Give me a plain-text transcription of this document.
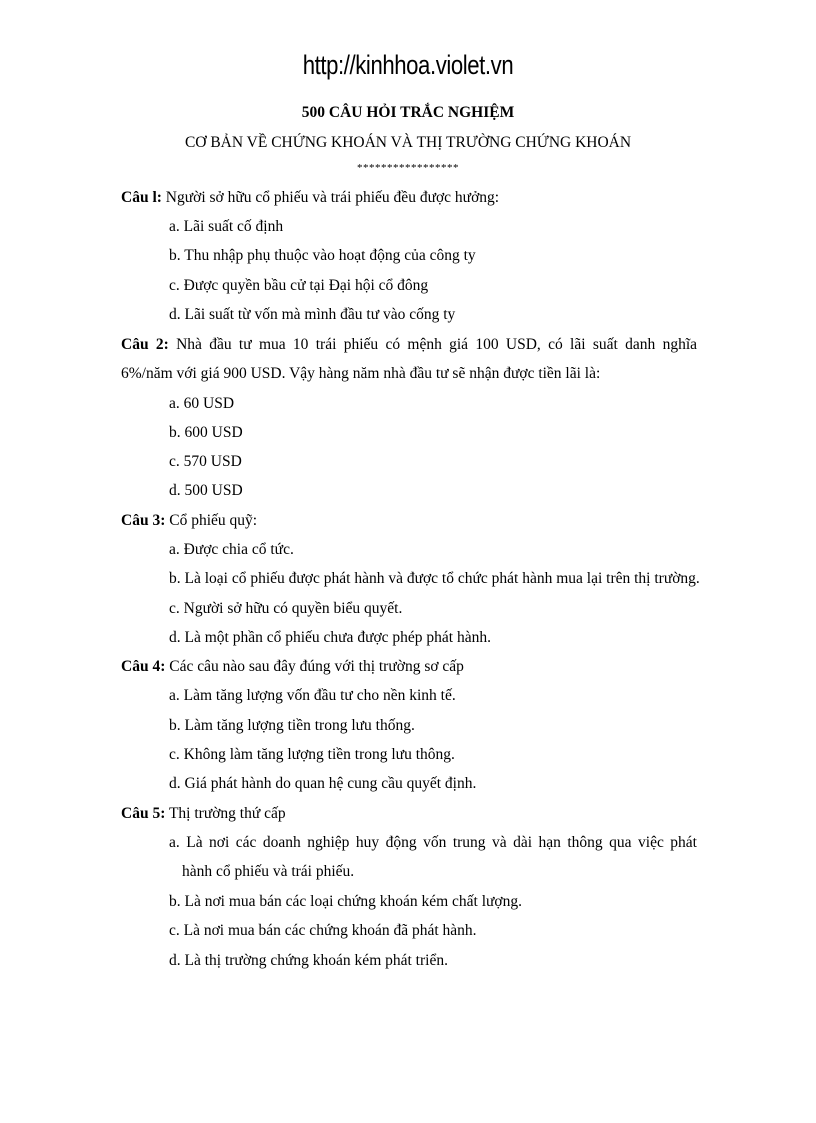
http://kinhhoa.violet.vn
500 CÂU HỎI TRẮC NGHIỆM
CƠ BẢN VỀ CHỨNG KHOÁN VÀ THỊ TRƯỜNG CHỨNG KHOÁN
*****************
Câu l: Người sở hữu cổ phiếu và trái phiếu đều được hưởng:
a. Lãi suất cố định
b. Thu nhập phụ thuộc vào hoạt động của công ty
c. Được quyền bầu cử tại Đại hội cổ đông
d. Lãi suất từ vốn mà mình đầu tư vào cống ty
Câu 2: Nhà đầu tư mua 10 trái phiếu có mệnh giá 100 USD, có lãi suất danh nghĩa
6%/năm với giá 900 USD. Vậy hàng năm nhà đầu tư sẽ nhận được tiền lãi là:
a. 60 USD
b. 600 USD
c. 570 USD
d. 500 USD
Câu 3: Cổ phiếu quỹ:
a. Được chia cổ tức.
b. Là loại cổ phiếu được phát hành và được tổ chức phát hành mua lại trên thị trường.
c. Người sở hữu có quyền biểu quyết.
d. Là một phần cổ phiếu chưa được phép phát hành.
Câu 4: Các câu nào sau đây đúng với thị trường sơ cấp
a. Làm tăng lượng vốn đầu tư cho nền kinh tế.
b. Làm tăng lượng tiền trong lưu thống.
c. Không làm tăng lượng tiền trong lưu thông.
d. Giá phát hành do quan hệ cung cầu quyết định.
Câu 5: Thị trường thứ cấp
a. Là nơi các doanh nghiệp huy động vốn trung và dài hạn thông qua việc phát
hành cổ phiếu và trái phiếu.
b. Là nơi mua bán các loại chứng khoán kém chất lượng.
c. Là nơi mua bán các chứng khoán đã phát hành.
d. Là thị trường chứng khoán kém phát triển.
